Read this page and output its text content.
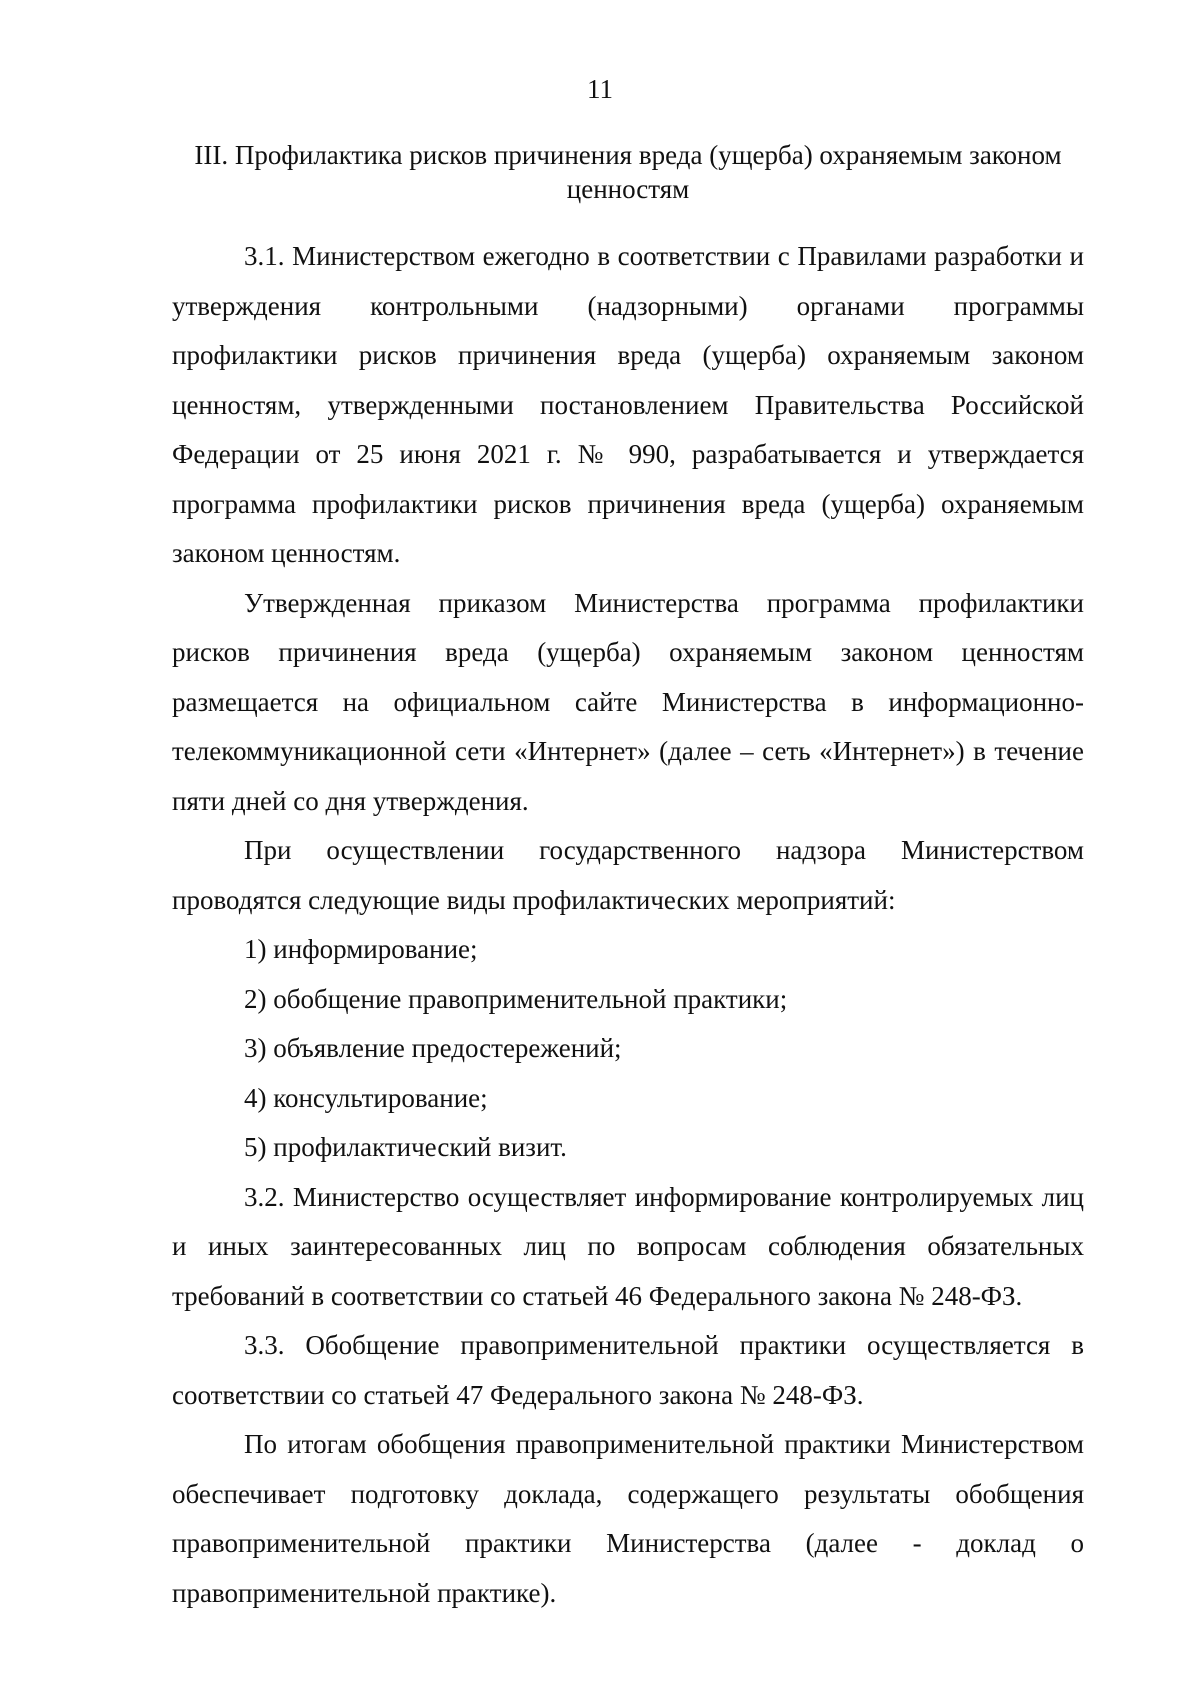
11
III. Профилактика рисков причинения вреда (ущерба) охраняемым законом ценностям

3.1. Министерством ежегодно в соответствии с Правилами разработки и утверждения контрольными (надзорными) органами программы профилактики рисков причинения вреда (ущерба) охраняемым законом ценностям, утвержденными постановлением Правительства Российской Федерации от 25 июня 2021 г. № 990, разрабатывается и утверждается программа профилактики рисков причинения вреда (ущерба) охраняемым законом ценностям.

Утвержденная приказом Министерства программа профилактики рисков причинения вреда (ущерба) охраняемым законом ценностям размещается на официальном сайте Министерства в информационно-телекоммуникационной сети «Интернет» (далее – сеть «Интернет») в течение пяти дней со дня утверждения.

При осуществлении государственного надзора Министерством проводятся следующие виды профилактических мероприятий:

1) информирование;

2) обобщение правоприменительной практики;

3) объявление предостережений;

4) консультирование;

5) профилактический визит.

3.2. Министерство осуществляет информирование контролируемых лиц и иных заинтересованных лиц по вопросам соблюдения обязательных требований в соответствии со статьей 46 Федерального закона № 248-ФЗ.

3.3. Обобщение правоприменительной практики осуществляется в соответствии со статьей 47 Федерального закона № 248-ФЗ.

По итогам обобщения правоприменительной практики Министерством обеспечивает подготовку доклада, содержащего результаты обобщения правоприменительной практики Министерства (далее - доклад о правоприменительной практике).
